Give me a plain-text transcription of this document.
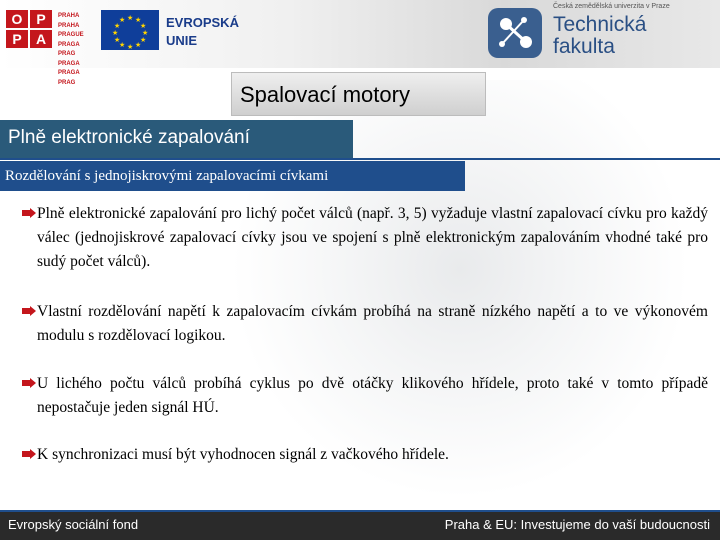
O P
P	A
PRAHA PRAHA
PRAGUE PRAGA
PRAG PRAGA
PRAGA PRAG
★ ★
★
★
★
★
★
★
★
★
★
★	EVROPSKÁ
UNIE
Česká zemědělská univerzita v Praze
Technická
fakulta
Spalovací motory
Plně elektronické zapalování
Rozdělování s jednojiskrovými zapalovacími cívkami
Plně elektronické zapalování pro lichý počet válců (např. 3, 5) vyžaduje vlastní zapalovací cívku pro každý válec (jednojiskrové zapalovací cívky jsou ve spojení s plně elektronickým zapalováním vhodné také pro sudý počet válců).
Vlastní rozdělování napětí k zapalovacím cívkám probíhá na straně nízkého napětí a to ve výkonovém modulu s rozdělovací logikou.
U lichého počtu válců probíhá cyklus po dvě otáčky klikového hřídele, proto také v tomto případě nepostačuje jeden signál HÚ.
K synchronizaci musí být vyhodnocen signál z vačkového hřídele.
Evropský sociální fond	Praha & EU: Investujeme do vaší budoucnosti
